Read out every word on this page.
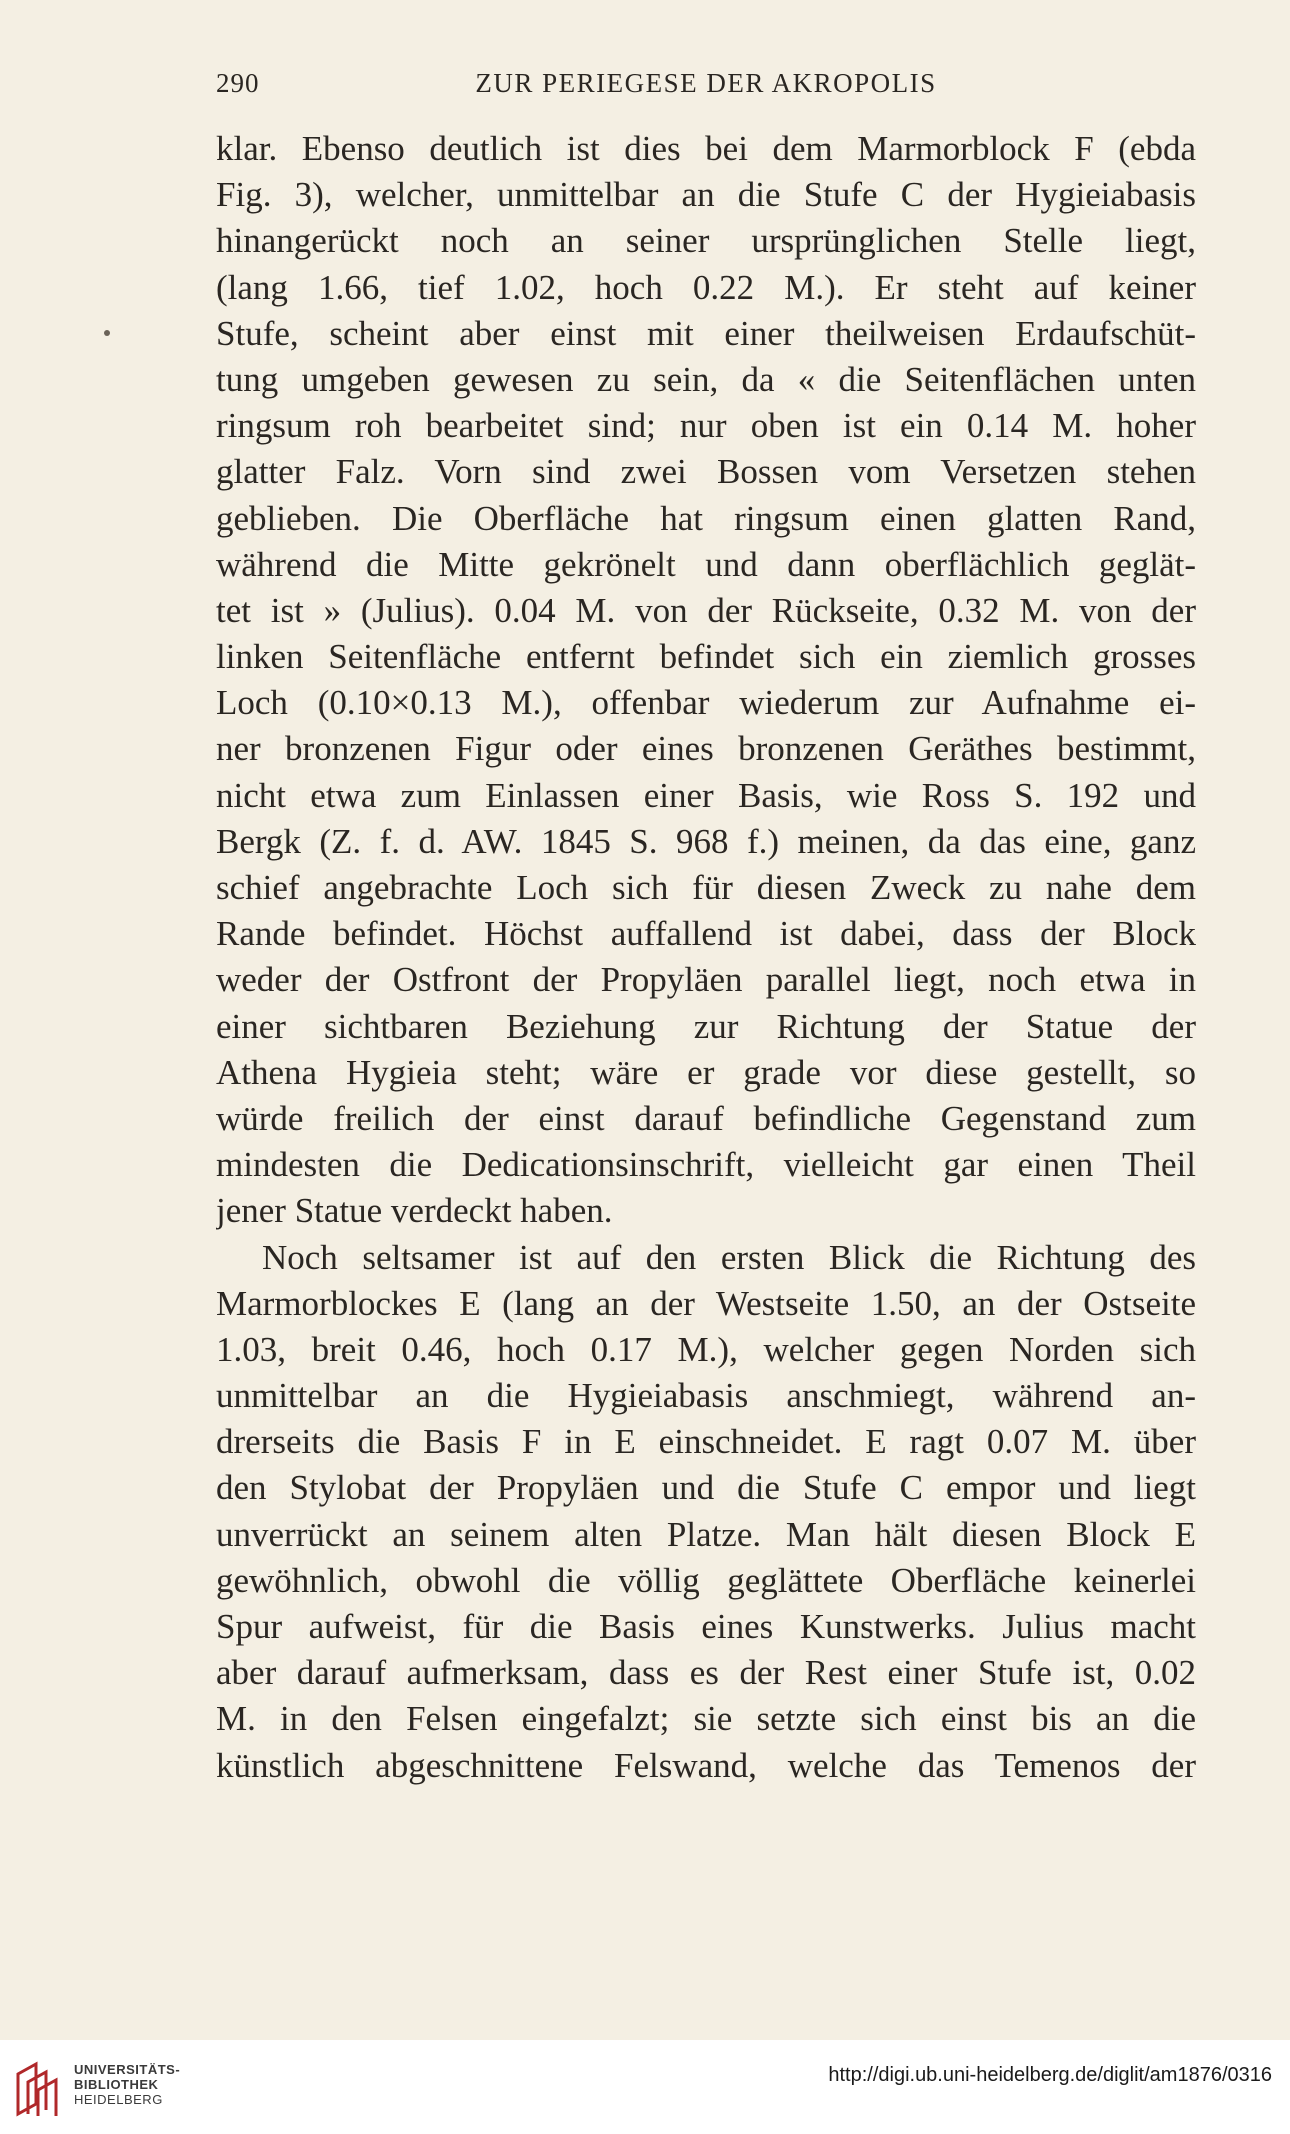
290	ZUR PERIEGESE DER AKROPOLIS
klar. Ebenso deutlich ist dies bei dem Marmorblock F (ebda
Fig. 3), welcher, unmittelbar an die Stufe C der Hygieiabasis
hinangerückt noch an seiner ursprünglichen Stelle liegt,
(lang 1.66, tief 1.02, hoch 0.22 M.). Er steht auf keiner
Stufe, scheint aber einst mit einer theilweisen Erdaufschüt-
tung umgeben gewesen zu sein, da « die Seitenflächen unten
ringsum roh bearbeitet sind; nur oben ist ein 0.14 M. hoher
glatter Falz. Vorn sind zwei Bossen vom Versetzen stehen
geblieben. Die Oberfläche hat ringsum einen glatten Rand,
während die Mitte gekrönelt und dann oberflächlich geglät-
tet ist » (Julius). 0.04 M. von der Rückseite, 0.32 M. von der
linken Seitenfläche entfernt befindet sich ein ziemlich grosses
Loch (0.10×0.13 M.), offenbar wiederum zur Aufnahme ei-
ner bronzenen Figur oder eines bronzenen Geräthes bestimmt,
nicht etwa zum Einlassen einer Basis, wie Ross S. 192 und
Bergk (Z. f. d. AW. 1845 S. 968 f.) meinen, da das eine, ganz
schief angebrachte Loch sich für diesen Zweck zu nahe dem
Rande befindet. Höchst auffallend ist dabei, dass der Block
weder der Ostfront der Propyläen parallel liegt, noch etwa in
einer sichtbaren Beziehung zur Richtung der Statue der
Athena Hygieia steht; wäre er grade vor diese gestellt, so
würde freilich der einst darauf befindliche Gegenstand zum
mindesten die Dedicationsinschrift, vielleicht gar einen Theil
jener Statue verdeckt haben.
Noch seltsamer ist auf den ersten Blick die Richtung des
Marmorblockes E (lang an der Westseite 1.50, an der Ostseite
1.03, breit 0.46, hoch 0.17 M.), welcher gegen Norden sich
unmittelbar an die Hygieiabasis anschmiegt, während an-
drerseits die Basis F in E einschneidet. E ragt 0.07 M. über
den Stylobat der Propyläen und die Stufe C empor und liegt
unverrückt an seinem alten Platze. Man hält diesen Block E
gewöhnlich, obwohl die völlig geglättete Oberfläche keinerlei
Spur aufweist, für die Basis eines Kunstwerks. Julius macht
aber darauf aufmerksam, dass es der Rest einer Stufe ist, 0.02
M. in den Felsen eingefalzt; sie setzte sich einst bis an die
künstlich abgeschnittene Felswand, welche das Temenos der
UNIVERSITÄTS-
BIBLIOTHEK
HEIDELBERG
http://digi.ub.uni-heidelberg.de/diglit/am1876/0316
